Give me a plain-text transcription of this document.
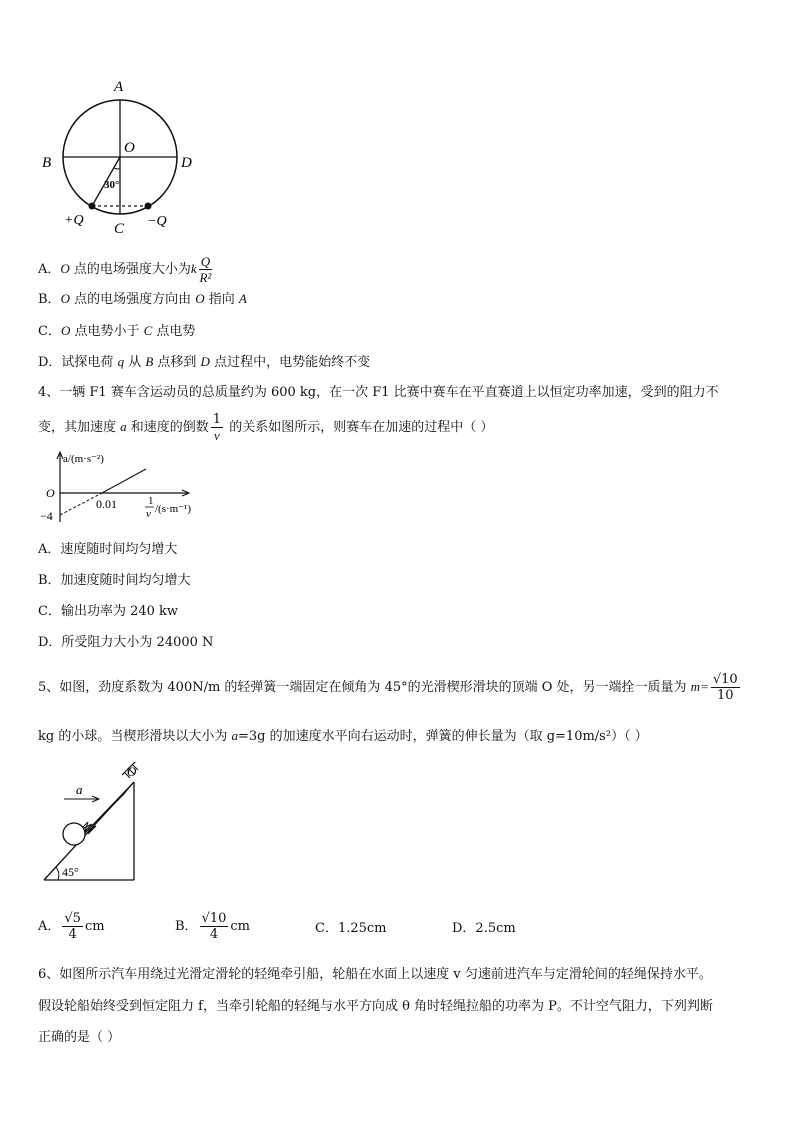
A
B
O
D
C
30°
+Q	−Q
A．O 点的电场强度大小为k $\frac{Q}{\text{R²}}$
B．O 点的电场强度方向由 O 指向 A
C．O 点电势小于 C 点电势
D．试探电荷 q 从 B 点移到 D 点过程中，电势能始终不变
4、一辆 F1 赛车含运动员的总质量约为 600 kg，在一次 F1 比赛中赛车在平直赛道上以恒定功率加速，受到的阻力不
变，其加速度 a 和速度的倒数 $\frac{1}{v}$ 的关系如图所示，则赛车在加速的过程中（ ）
a/(m·s⁻²)
O
−4
0.01	1
v /(s·m⁻¹)
A．速度随时间均匀增大
B．加速度随时间均匀增大
C．输出功率为 240 kw
D．所受阻力大小为 24000 N
5、如图，劲度系数为 400N/m 的轻弹簧一端固定在倾角为 45°的光滑楔形滑块的顶端 O 处，另一端拴一质量为 $m= \frac{√10}{10}$
kg 的小球。当楔形滑块以大小为 a=3g 的加速度水平向右运动时，弹簧的伸长量为（取 g=10m/s²）（ ）
O
a
45°
A． $\frac{√5}{4}$ cm	B． $\frac{√10}{4}$ cm	C．1.25cm	D．2.5cm
6、如图所示汽车用绕过光滑定滑轮的轻绳牵引船，轮船在水面上以速度 v 匀速前进汽车与定滑轮间的轻绳保持水平。
假设轮船始终受到恒定阻力 f，当牵引轮船的轻绳与水平方向成 θ 角时轻绳拉船的功率为 P。不计空气阻力，下列判断
正确的是（ ）
